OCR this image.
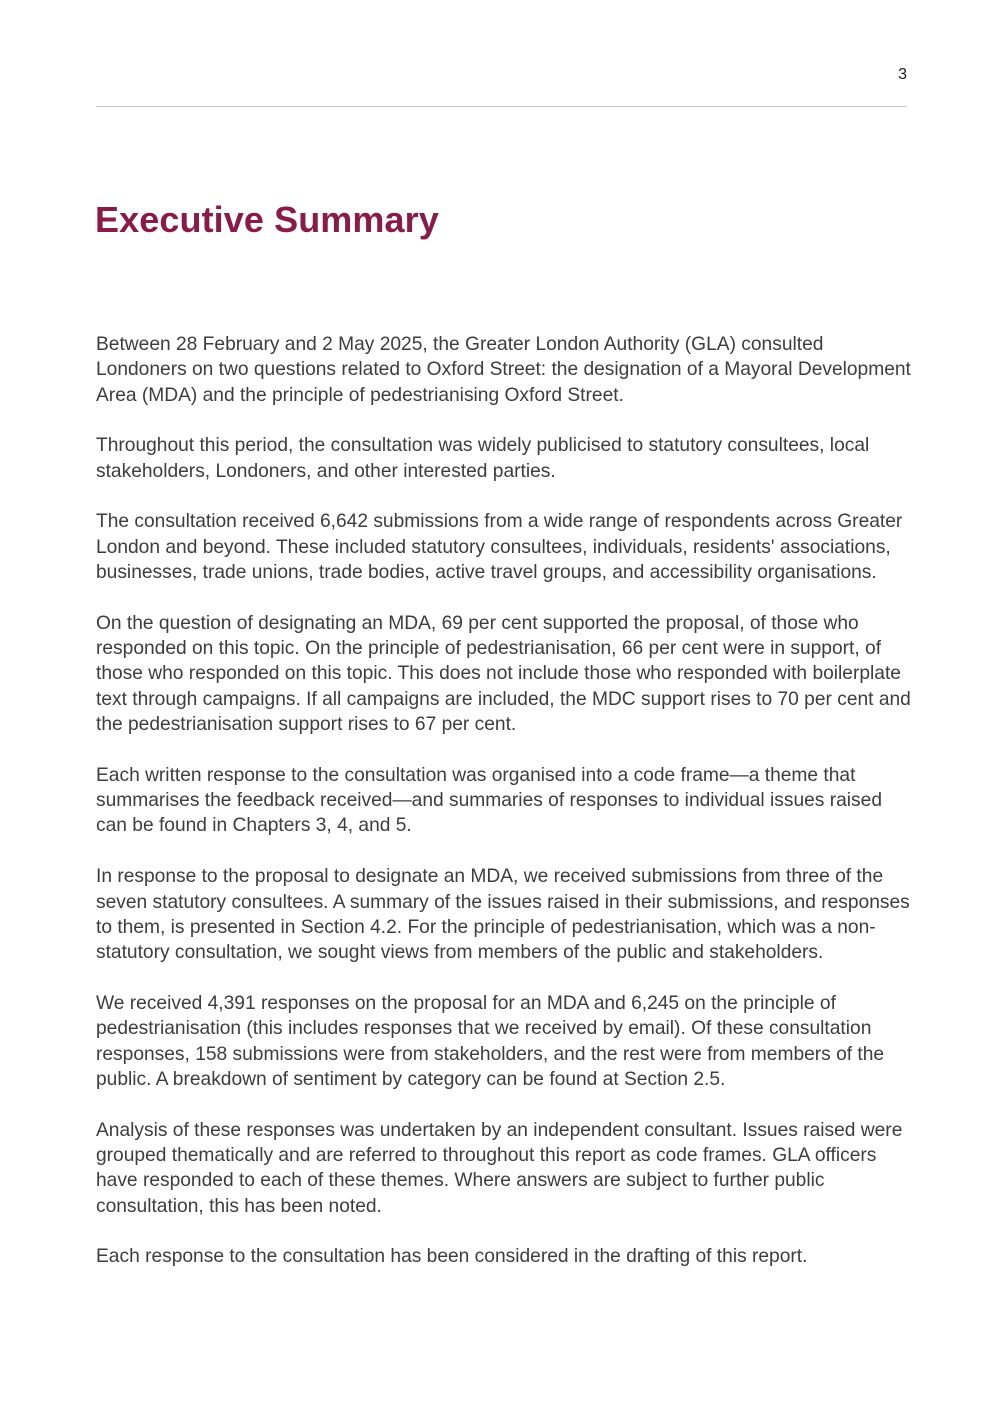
3
Executive Summary

Between 28 February and 2 May 2025, the Greater London Authority (GLA) consulted Londoners on two questions related to Oxford Street: the designation of a Mayoral Development Area (MDA) and the principle of pedestrianising Oxford Street.

Throughout this period, the consultation was widely publicised to statutory consultees, local stakeholders, Londoners, and other interested parties.

The consultation received 6,642 submissions from a wide range of respondents across Greater London and beyond. These included statutory consultees, individuals, residents' associations, businesses, trade unions, trade bodies, active travel groups, and accessibility organisations.

On the question of designating an MDA, 69 per cent supported the proposal, of those who responded on this topic. On the principle of pedestrianisation, 66 per cent were in support, of those who responded on this topic. This does not include those who responded with boilerplate text through campaigns. If all campaigns are included, the MDC support rises to 70 per cent and the pedestrianisation support rises to 67 per cent.

Each written response to the consultation was organised into a code frame—a theme that summarises the feedback received—and summaries of responses to individual issues raised can be found in Chapters 3, 4, and 5.

In response to the proposal to designate an MDA, we received submissions from three of the seven statutory consultees. A summary of the issues raised in their submissions, and responses to them, is presented in Section 4.2. For the principle of pedestrianisation, which was a non-statutory consultation, we sought views from members of the public and stakeholders.

We received 4,391 responses on the proposal for an MDA and 6,245 on the principle of pedestrianisation (this includes responses that we received by email). Of these consultation responses, 158 submissions were from stakeholders, and the rest were from members of the public. A breakdown of sentiment by category can be found at Section 2.5.

Analysis of these responses was undertaken by an independent consultant. Issues raised were grouped thematically and are referred to throughout this report as code frames. GLA officers have responded to each of these themes. Where answers are subject to further public consultation, this has been noted.

Each response to the consultation has been considered in the drafting of this report.
